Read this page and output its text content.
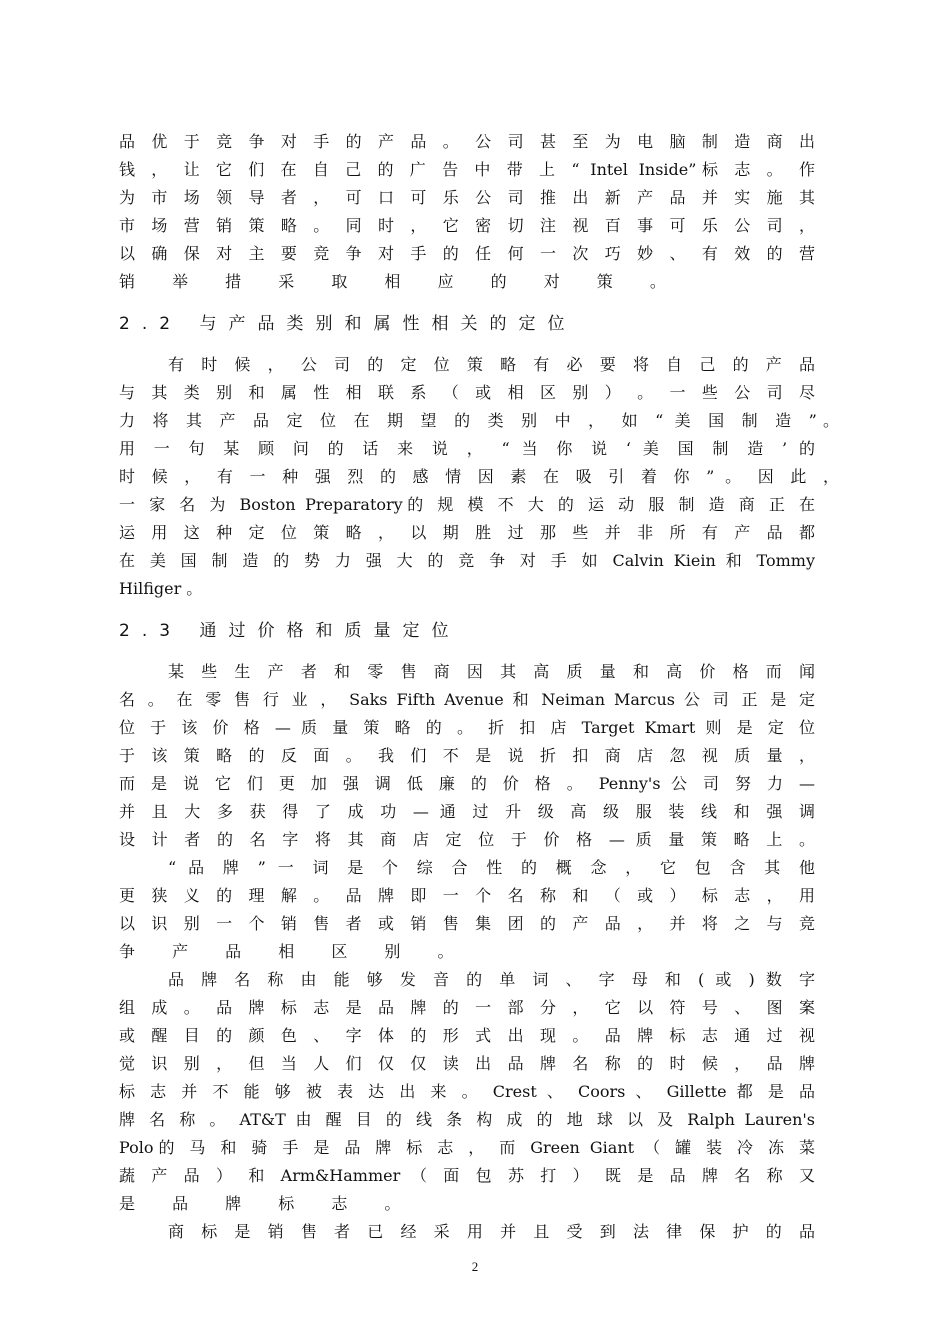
品 优 于 竞 争 对 手 的 产 品 。 公 司 甚 至 为 电 脑 制 造 商 出
钱 ， 让 它 们 在 自 己 的 广 告 中 带 上 “ Intel Inside”标 志 。 作
为 市 场 领 导 者 ， 可 口 可 乐 公 司 推 出 新 产 品 并 实 施 其
市 场 营 销 策 略 。 同 时 ， 它 密 切 注 视 百 事 可 乐 公 司 ，
以 确 保 对 主 要 竞 争 对 手 的 任 何 一 次 巧 妙 、 有 效 的 营
销 举 措 采 取 相 应 的 对 策 。
2.2 与产品类别和属性相关的定位
有 时 候 ， 公 司 的 定 位 策 略 有 必 要 将 自 己 的 产 品
与 其 类 别 和 属 性 相 联 系 （ 或 相 区 别 ） 。 一 些 公 司 尽
力 将 其 产 品 定 位 在 期 望 的 类 别 中 ， 如 “ 美 国 制 造 ”。
用 一 句 某 顾 问 的 话 来 说 ， “ 当 你 说 ‘ 美 国 制 造 ’ 的
时 候 ， 有 一 种 强 烈 的 感 情 因 素 在 吸 引 着 你 ” 。 因 此 ，
一 家 名 为 Boston Preparatory的 规 模 不 大 的 运 动 服 制 造 商 正 在
运 用 这 种 定 位 策 略 ， 以 期 胜 过 那 些 并 非 所 有 产 品 都
在 美 国 制 造 的 势 力 强 大 的 竞 争 对 手 如 Calvin Kiein 和 Tommy
Hilfiger 。
2.3 通过价格和质量定位
某 些 生 产 者 和 零 售 商 因 其 高 质 量 和 高 价 格 而 闻
名 。 在 零 售 行 业 ， Saks Fifth Avenue 和 Neiman Marcus 公 司 正 是 定
位 于 该 价 格 — 质 量 策 略 的 。 折 扣 店 Target Kmart 则 是 定 位
于 该 策 略 的 反 面 。 我 们 不 是 说 折 扣 商 店 忽 视 质 量 ，
而 是 说 它 们 更 加 强 调 低 廉 的 价 格 。 Penny's 公 司 努 力 —
并 且 大 多 获 得 了 成 功 — 通 过 升 级 高 级 服 装 线 和 强 调
设 计 者 的 名 字 将 其 商 店 定 位 于 价 格 — 质 量 策 略 上 。
“ 品 牌 ” 一 词 是 个 综 合 性 的 概 念 ， 它 包 含 其 他
更 狭 义 的 理 解 。 品 牌 即 一 个 名 称 和 （ 或 ） 标 志 ， 用
以 识 别 一 个 销 售 者 或 销 售 集 团 的 产 品 ， 并 将 之 与 竞
争 产 品 相 区 别 。
品 牌 名 称 由 能 够 发 音 的 单 词 、 字 母 和 ( 或 ) 数 字
组 成 。 品 牌 标 志 是 品 牌 的 一 部 分 ， 它 以 符 号 、 图 案
或 醒 目 的 颜 色 、 字 体 的 形 式 出 现 。 品 牌 标 志 通 过 视
觉 识 别 ， 但 当 人 们 仅 仅 读 出 品 牌 名 称 的 时 候 ， 品 牌
标 志 并 不 能 够 被 表 达 出 来 。 Crest 、 Coors 、 Gillette 都 是 品
牌 名 称 。 AT&T 由 醒 目 的 线 条 构 成 的 地 球 以 及 Ralph Lauren's
Polo的 马 和 骑 手 是 品 牌 标 志 ， 而 Green Giant （ 罐 装 冷 冻 菜
蔬 产 品 ） 和 Arm&Hammer （ 面 包 苏 打 ） 既 是 品 牌 名 称 又
是 品 牌 标 志 。
商 标 是 销 售 者 已 经 采 用 并 且 受 到 法 律 保 护 的 品
2
